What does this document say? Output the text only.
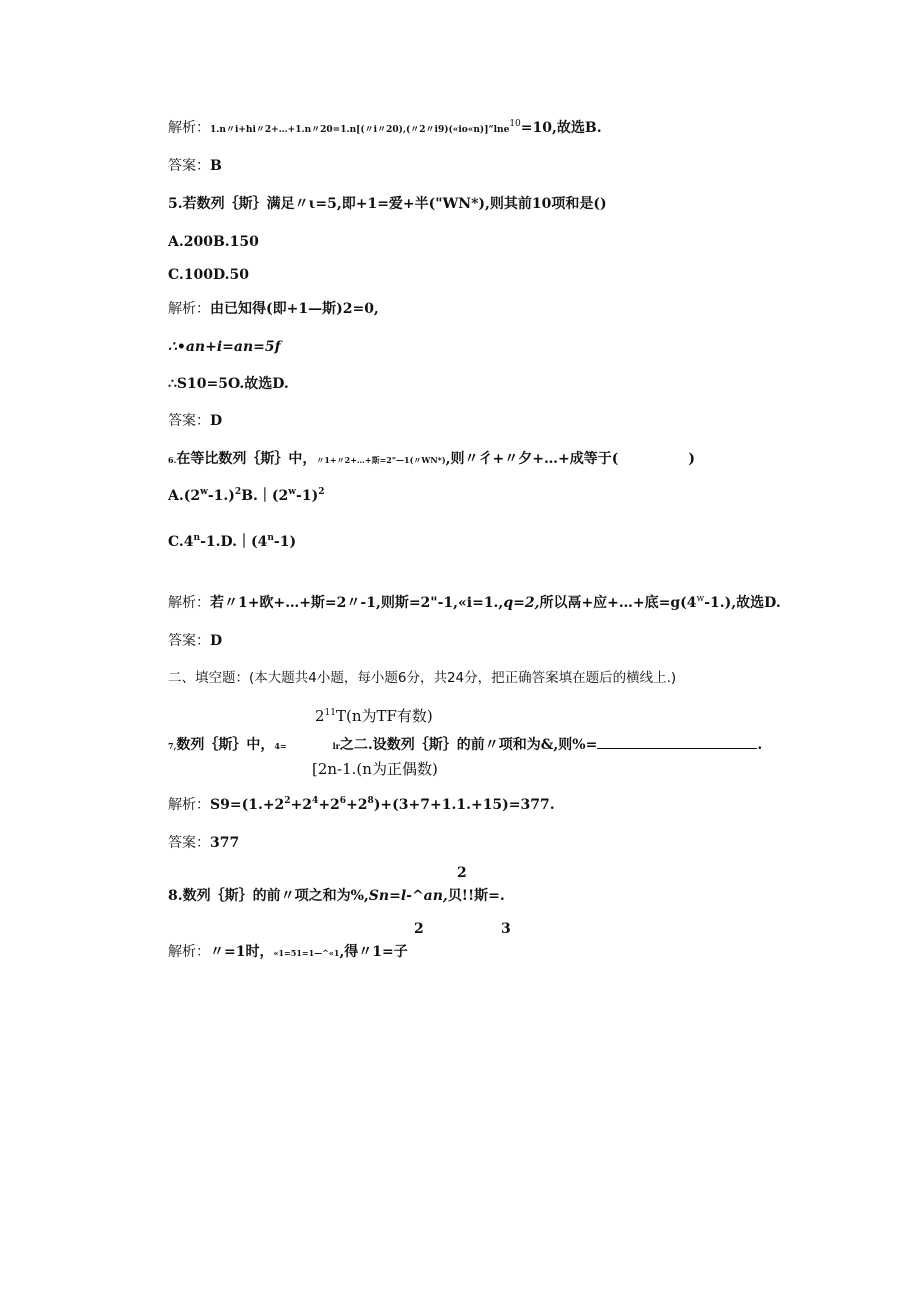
解析：1.n〃i+hi〃2+…+1.n〃20=1.n[(〃i〃20),(〃2〃i9)(«io«n)]“lne$^{10}$=10,故选B.
答案：B
5.若数列｛斯｝满足〃ι=5,即+1=爱+半("WN*),则其前10项和是()
A.200B.150
C.100D.50
解析：由已知得(即+1—斯)2=0,
∴•an+i=an=5f
∴S10=5O.故选D.
答案：D
6.在等比数列｛斯｝中，〃1+〃2+…+斯=2"—1(〃WN*),则〃彳+〃夕+…+成等于(	)
$A.(2^w-1.)^2B.|(2^w-1)^2$
C.4$^n$-1.D.｜(4$^n$-1)
解析：若〃1+欧+…+斯=2〃-1,则斯=2"-1,«i=1.,q=2,所以鬲+应+…+底$=g(4^w-1.)$,故选D.
答案：D
二、填空题：(本大题共4小题，每小题6分，共24分，把正确答案填在题后的横线上.)
$2^{11}T(n$为TF有数)
7,数列｛斯｝中，4=	lr之二.设数列｛斯｝的前〃项和为&,则%=	.
[2n-1.(n为正偶数)
解析：$S9=(1.+2^2+2^4+2^6+2^8)+(3+7+1.1.+15)=377$.
答案：377
2
8.数列｛斯｝的前〃项之和为%,Sn=l-^an,贝!!斯=.
2	3
解析：〃=1时，«1=51=1—^«1,得〃1=子
